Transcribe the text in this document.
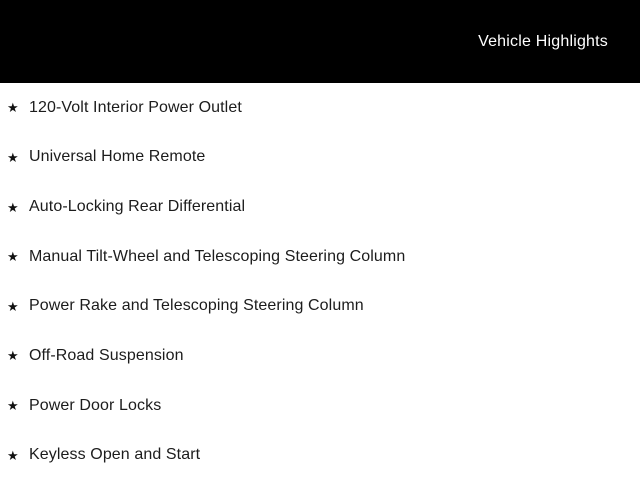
Vehicle Highlights
★ 120-Volt Interior Power Outlet
★ Universal Home Remote
★ Auto-Locking Rear Differential
★ Manual Tilt-Wheel and Telescoping Steering Column
★ Power Rake and Telescoping Steering Column
★ Off-Road Suspension
★ Power Door Locks
★ Keyless Open and Start
